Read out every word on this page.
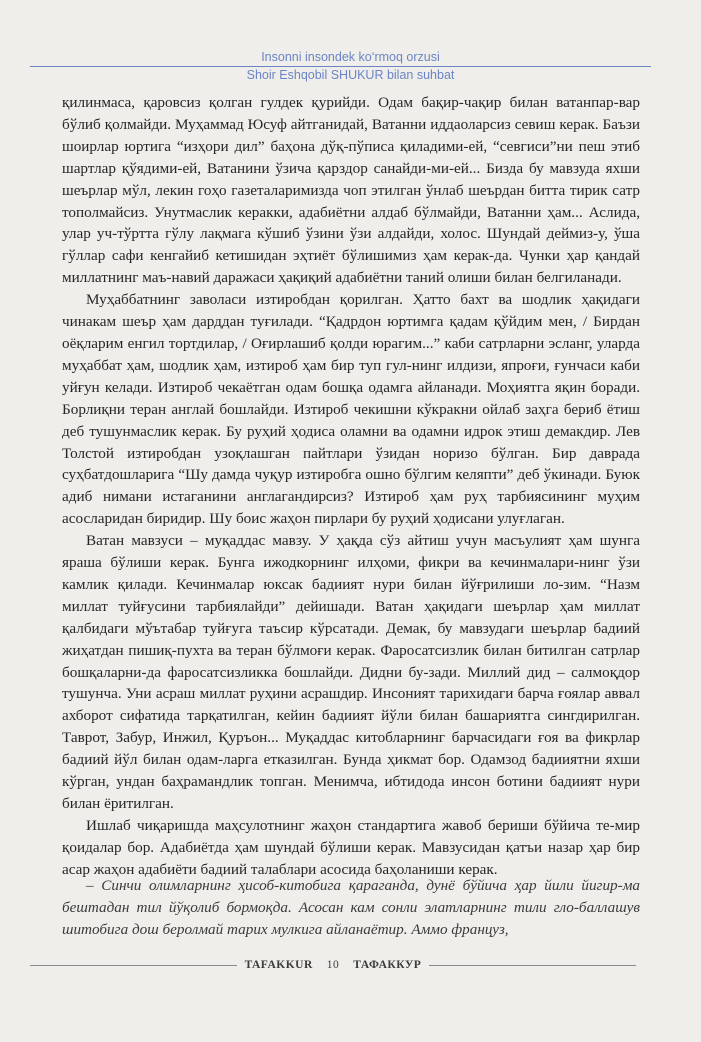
Insonni insondek ko‘rmoq orzusi
Shoir Eshqobil SHUKUR bilan suhbat

қилинмаса, қаровсиз қолган гулдек қурийди. Одам бақир-чақир билан ватанпар-вар бўлиб қолмайди. Муҳаммад Юсуф айтганидай, Ватанни иддаоларсиз севиш керак. Баъзи шоирлар юртига “изҳори дил” баҳона дўқ-пўписа қиладими-ей, “севгиси”ни пеш этиб шартлар қўядими-ей, Ватанини ўзича қарздор санайди-ми-ей... Бизда бу мавзуда яхши шеърлар мўл, лекин гоҳо газеталаримизда чоп этилган ўнлаб шеърдан битта тирик сатр тополмайсиз. Унутмаслик керакки, адабиётни алдаб бўлмайди, Ватанни ҳам... Аслида, улар уч-тўртта гўлу лақмага кўшиб ўзини ўзи алдайди, холос. Шундай деймиз-у, ўша гўллар сафи кенгайиб кетишидан эҳтиёт бўлишимиз ҳам керак-да. Чунки ҳар қандай миллатнинг маъ-навий даражаси ҳақиқий адабиётни таний олиши билан белгиланади.

Муҳаббатнинг заволаси изтиробдан қорилган. Ҳатто бахт ва шодлик ҳақидаги чинакам шеър ҳам дарддан туғилади. “Қадрдон юртимга қадам қўйдим мен, / Бирдан оёқларим енгил тортдилар, / Оғирлашиб қолди юрагим...” каби сатрларни эсланг, уларда муҳаббат ҳам, шодлик ҳам, изтироб ҳам бир туп гул-нинг илдизи, япроғи, ғунчаси каби уйғун келади. Изтироб чекаётган одам бошқа одамга айланади. Моҳиятга яқин боради. Борлиқни теран англай бошлайди. Изтироб чекишни кўкракни ойлаб заҳга бериб ётиш деб тушунмаслик керак. Бу руҳий ҳодиса оламни ва одамни идрок этиш демакдир. Лев Толстой изтиробдан узоқлашган пайтлари ўзидан норизо бўлган. Бир даврада суҳбатдошларига “Шу дамда чуқур изтиробга ошно бўлгим келяпти” деб ўкинади. Буюк адиб нимани истаганини англагандирсиз? Изтироб ҳам руҳ тарбиясининг муҳим асосларидан биридир. Шу боис жаҳон пирлари бу руҳий ҳодисани улуғлаган.

Ватан мавзуси – муқаддас мавзу. У ҳақда сўз айтиш учун масъулият ҳам шунга яраша бўлиши керак. Бунга ижодкорнинг илҳоми, фикри ва кечинмалари-нинг ўзи камлик қилади. Кечинмалар юксак бадиият нури билан йўғрилиши ло-зим. “Назм миллат туйғусини тарбиялайди” дейишади. Ватан ҳақидаги шеърлар ҳам миллат қалбидаги мўътабар туйғуга таъсир кўрсатади. Демак, бу мавзудаги шеърлар бадиий жиҳатдан пишиқ-пухта ва теран бўлмоғи керак. Фаросатсизлик билан битилган сатрлар бошқаларни-да фаросатсизликка бошлайди. Дидни бу-зади. Миллий дид – салмоқдор тушунча. Уни асраш миллат руҳини асрашдир. Инсоният тарихидаги барча ғоялар аввал ахборот сифатида тарқатилган, кейин бадиият йўли билан башариятга сингдирилган. Таврот, Забур, Инжил, Қуръон... Муқаддас китобларнинг барчасидаги ғоя ва фикрлар бадиий йўл билан одам-ларга етказилган. Бунда ҳикмат бор. Одамзод бадииятни яхши кўрган, ундан баҳрамандлик топган. Менимча, ибтидода инсон ботини бадиият нури билан ёритилган.

Ишлаб чиқаришда маҳсулотнинг жаҳон стандартига жавоб бериши бўйича те-мир қоидалар бор. Адабиётда ҳам шундай бўлиши керак. Мавзусидан қатъи назар ҳар бир асар жаҳон адабиёти бадиий талаблари асосида баҳоланиши керак.

– Синчи олимларнинг ҳисоб-китобига қараганда, дунё бўйича ҳар йили йигир-ма бештадан тил йўқолиб бормоқда. Асосан кам сонли элатларнинг тили гло-баллашув шитобига дош беролмай тарих мулкига айланаётир. Аммо француз,

TAFAKKUR	10	ТАФАККУР
